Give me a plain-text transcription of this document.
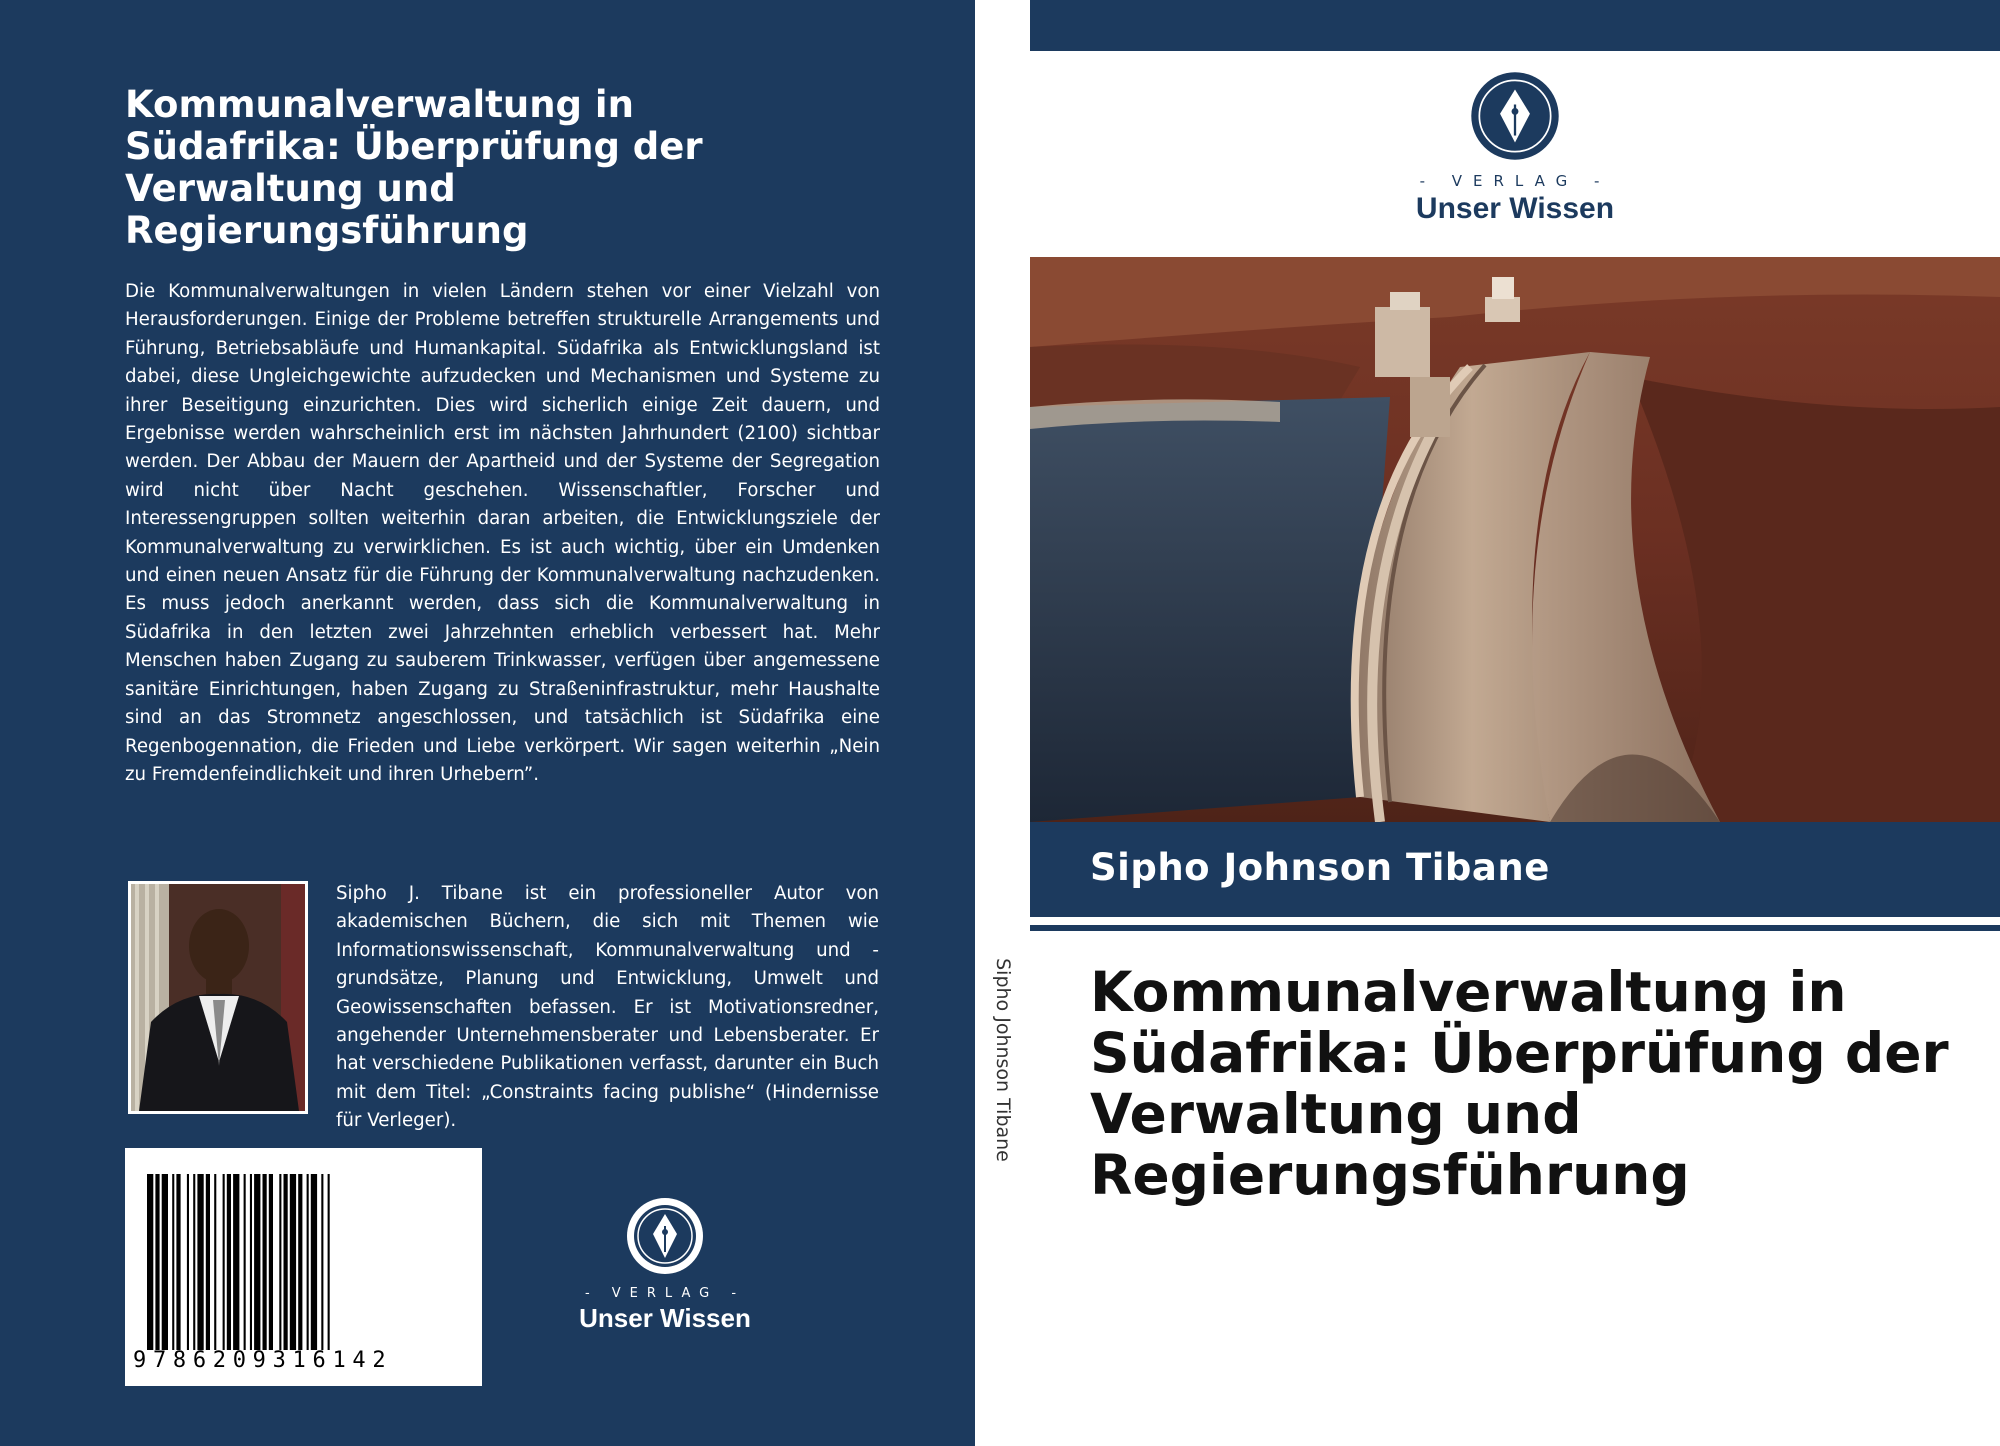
Kommunalverwaltung in Südafrika: Überprüfung der Verwaltung und Regierungsführung

Die Kommunalverwaltungen in vielen Ländern stehen vor einer Vielzahl von Herausforderungen. Einige der Probleme betreffen strukturelle Arrangements und Führung, Betriebsabläufe und Humankapital. Südafrika als Entwicklungsland ist dabei, diese Ungleichgewichte aufzudecken und Mechanismen und Systeme zu ihrer Beseitigung einzurichten. Dies wird sicherlich einige Zeit dauern, und Ergebnisse werden wahrscheinlich erst im nächsten Jahrhundert (2100) sichtbar werden. Der Abbau der Mauern der Apartheid und der Systeme der Segregation wird nicht über Nacht geschehen. Wissenschaftler, Forscher und Interessengruppen sollten weiterhin daran arbeiten, die Entwicklungsziele der Kommunalverwaltung zu verwirklichen. Es ist auch wichtig, über ein Umdenken und einen neuen Ansatz für die Führung der Kommunalverwaltung nachzudenken. Es muss jedoch anerkannt werden, dass sich die Kommunalverwaltung in Südafrika in den letzten zwei Jahrzehnten erheblich verbessert hat. Mehr Menschen haben Zugang zu sauberem Trinkwasser, verfügen über angemessene sanitäre Einrichtungen, haben Zugang zu Straßeninfrastruktur, mehr Haushalte sind an das Stromnetz angeschlossen, und tatsächlich ist Südafrika eine Regenbogennation, die Frieden und Liebe verkörpert. Wir sagen weiterhin „Nein zu Fremdenfeindlichkeit und ihren Urhebern”.

Sipho J. Tibane ist ein professioneller Autor von akademischen Büchern, die sich mit Themen wie Informationswissenschaft, Kommunalverwaltung und -grundsätze, Planung und Entwicklung, Umwelt und Geowissenschaften befassen. Er ist Motivationsredner, angehender Unternehmensberater und Lebensberater. Er hat verschiedene Publikationen verfasst, darunter ein Buch mit dem Titel: „Constraints facing publishe“ (Hindernisse für Verleger).

9786209316142
- VERLAG -
Unser Wissen
Sipho Johnson Tibane
- VERLAG -
Unser Wissen
Sipho Johnson Tibane
Kommunalverwaltung in Südafrika: Überprüfung der Verwaltung und Regierungsführung
